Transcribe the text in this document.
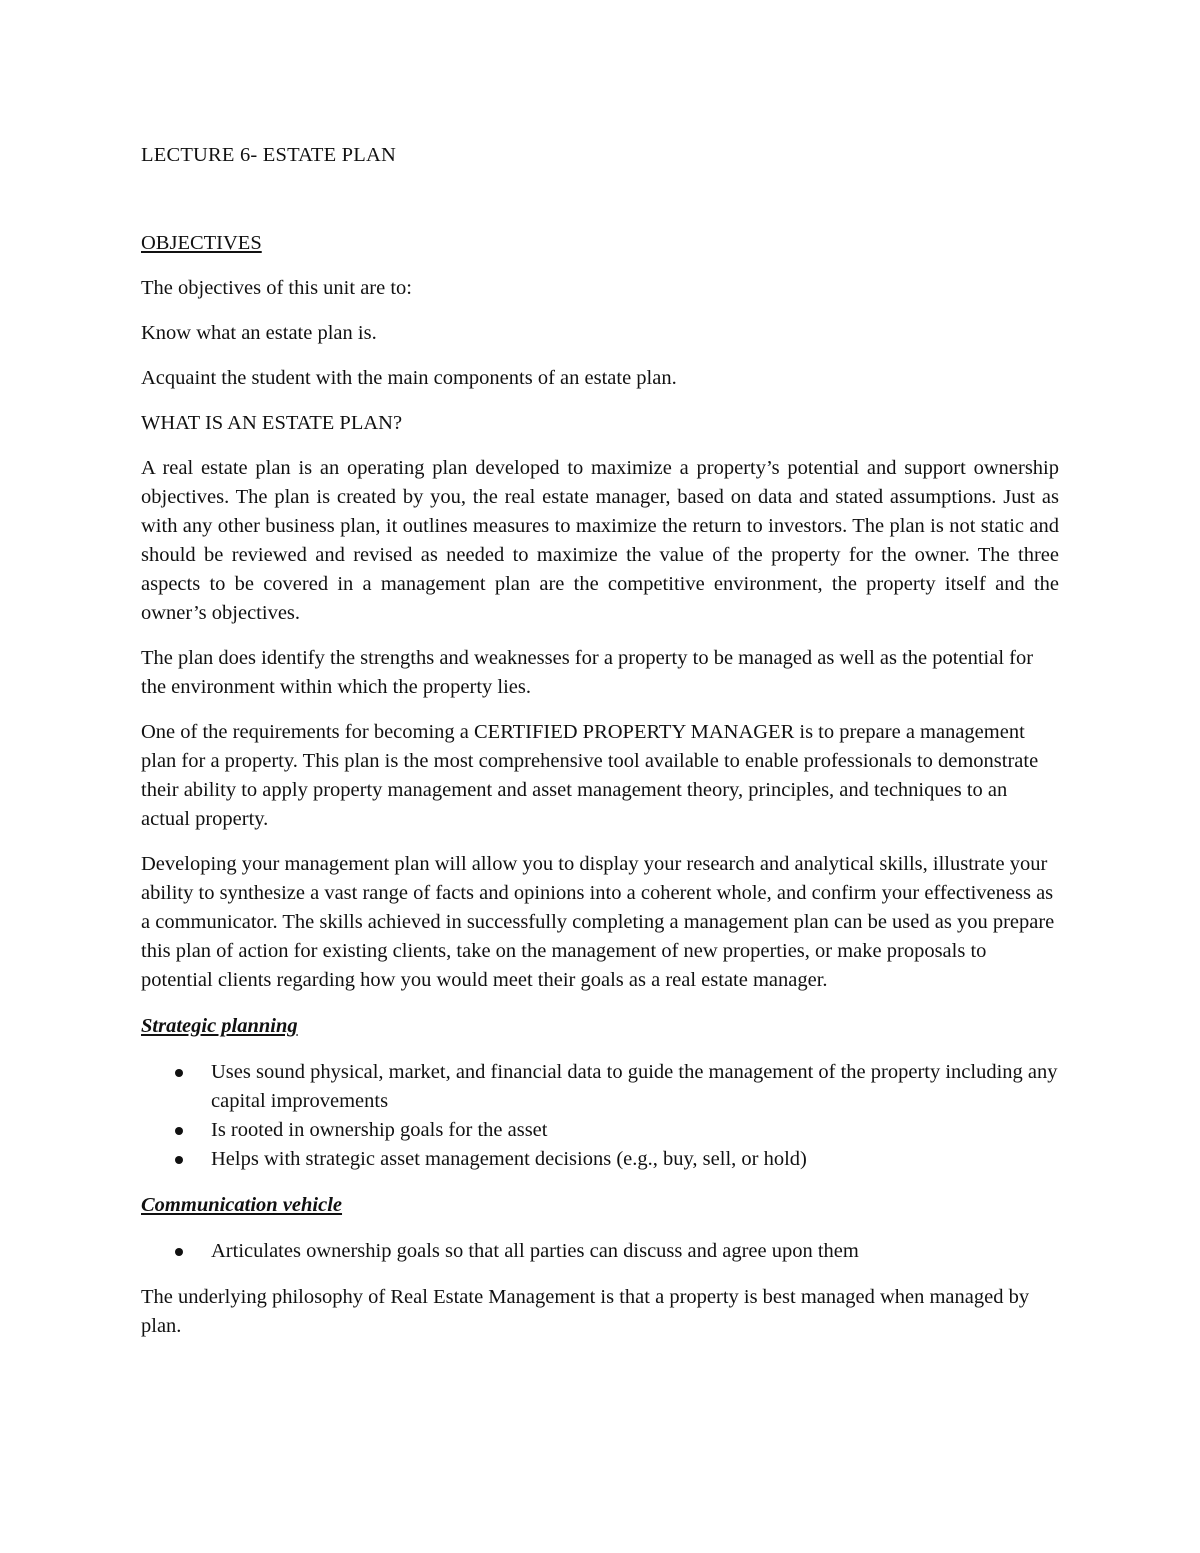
LECTURE 6- ESTATE PLAN

OBJECTIVES

The objectives of this unit are to:

Know what an estate plan is.

Acquaint the student with the main components of an estate plan.

WHAT IS AN ESTATE PLAN?

A real estate plan is an operating plan developed to maximize a property’s potential and support ownership objectives. The plan is created by you, the real estate manager, based on data and stated assumptions. Just as with any other business plan, it outlines measures to maximize the return to investors. The plan is not static and should be reviewed and revised as needed to maximize the value of the property for the owner. The three aspects to be covered in a management plan are the competitive environment, the property itself and the owner’s objectives.

The plan does identify the strengths and weaknesses for a property to be managed as well as the potential for the environment within which the property lies.

One of the requirements for becoming a CERTIFIED PROPERTY MANAGER is to prepare a management plan for a property. This plan is the most comprehensive tool available to enable professionals to demonstrate their ability to apply property management and asset management theory, principles, and techniques to an actual property.

Developing your management plan will allow you to display your research and analytical skills, illustrate your ability to synthesize a vast range of facts and opinions into a coherent whole, and confirm your effectiveness as a communicator. The skills achieved in successfully completing a management plan can be used as you prepare this plan of action for existing clients, take on the management of new properties, or make proposals to potential clients regarding how you would meet their goals as a real estate manager.

Strategic planning

Uses sound physical, market, and financial data to guide the management of the property including any capital improvements
Is rooted in ownership goals for the asset
Helps with strategic asset management decisions (e.g., buy, sell, or hold)

Communication vehicle

Articulates ownership goals so that all parties can discuss and agree upon them

The underlying philosophy of Real Estate Management is that a property is best managed when managed by plan.
